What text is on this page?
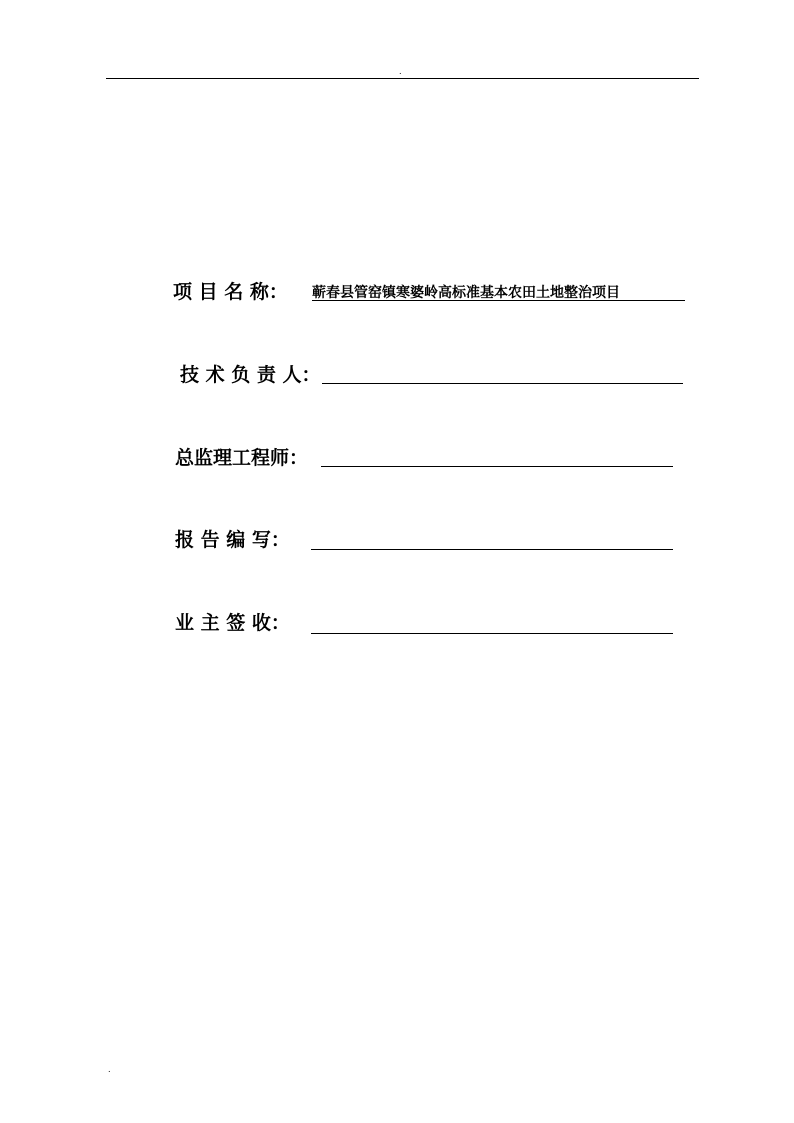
.
项 目 名 称： 蕲春县管窑镇寒婆岭高标准基本农田土地整治项目
技 术 负 责 人：
总监理工程师：
报 告 编 写：
业 主 签 收：
.
